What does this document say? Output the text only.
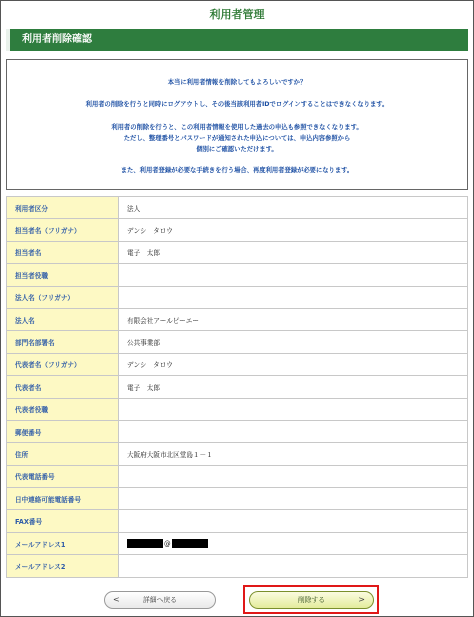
利用者管理
利用者削除確認

本当に利用者情報を削除してもよろしいですか？

利用者の削除を行うと同時にログアウトし、その後当該利用者IDでログインすることはできなくなります。

利用者の削除を行うと、この利用者情報を使用した過去の申込も参照できなくなります。

ただし、整理番号とパスワードが通知された申込については、申込内容参照から

個別にご確認いただけます。

また、利用者登録が必要な手続きを行う場合、再度利用者登録が必要になります。

利用者区分	法人
担当者名（フリガナ）	デンシ　タロウ
担当者名	電子　太郎
担当者役職	
法人名（フリガナ）	
法人名	有限会社アールピーエー
部門名部署名	公共事業部
代表者名（フリガナ）	デンシ　タロウ
代表者名	電子　太郎
代表者役職	
郵便番号	
住所	大阪府大阪市北区堂島１－１
代表電話番号	
日中連絡可能電話番号	
FAX番号	
メールアドレス1	@
メールアドレス2	
<	詳細へ戻る	削除する	>
